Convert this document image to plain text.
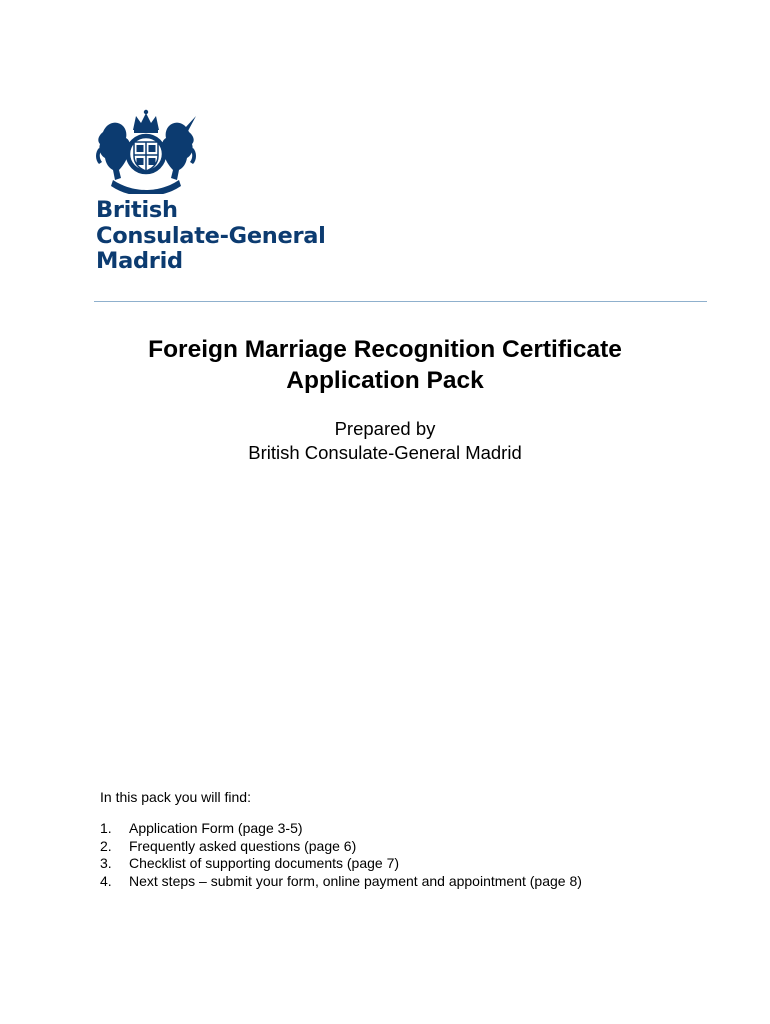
British
Consulate-General
Madrid
Foreign Marriage Recognition Certificate
Application Pack
Prepared by
British Consulate-General Madrid
In this pack you will find:
1.	Application Form (page 3-5)
2.	Frequently asked questions (page 6)
3.	Checklist of supporting documents (page 7)
4.	Next steps – submit your form, online payment and appointment (page 8)
